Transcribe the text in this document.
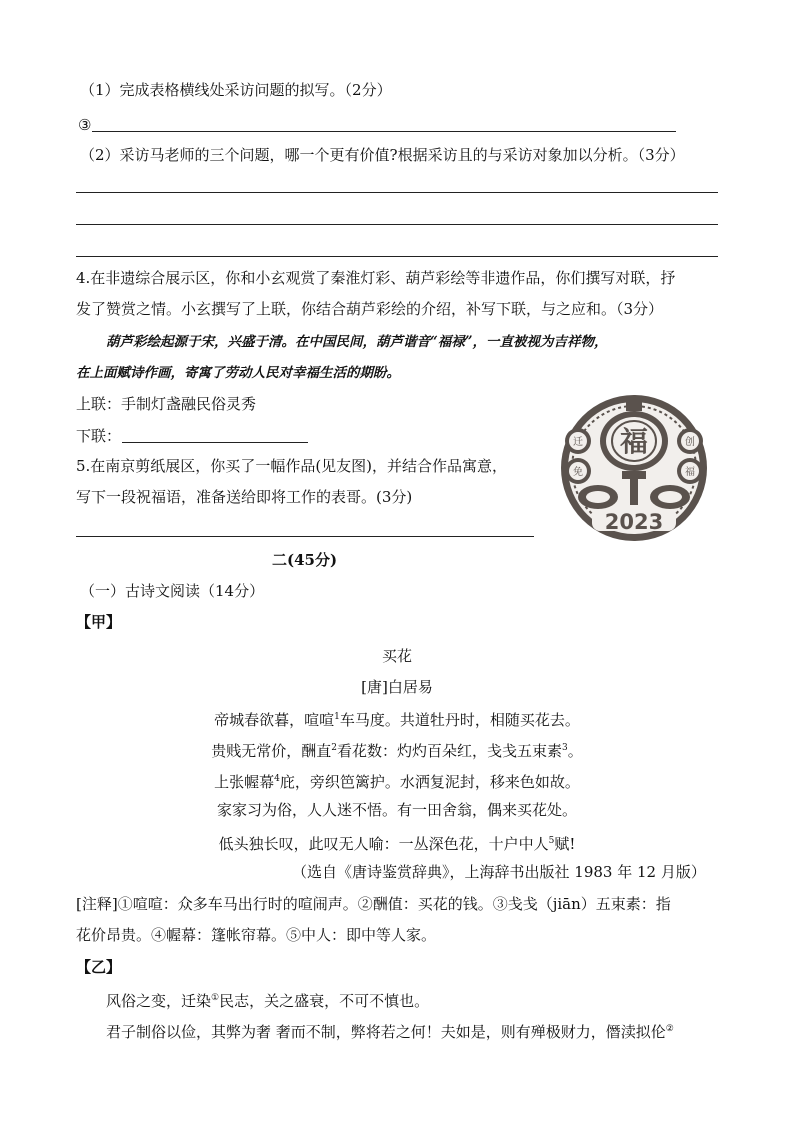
（1）完成表格横线处采访问题的拟写。（2分）
③
（2）采访马老师的三个问题，哪一个更有价值?根据采访且的与采访对象加以分析。（3分）
4.在非遗综合展示区，你和小玄观赏了秦淮灯彩、葫芦彩绘等非遗作品，你们撰写对联，抒
发了赞赏之情。小玄撰写了上联，你结合葫芦彩绘的介绍，补写下联，与之应和。（3分）
葫芦彩绘起源于宋，兴盛于清。在中国民间，葫芦谐音“福禄”，一直被视为吉祥物，
在上面赋诗作画，寄寓了劳动人民对幸福生活的期盼。
上联：手制灯盏融民俗灵秀
下联：
5.在南京剪纸展区，你买了一幅作品(见友图)，并结合作品寓意，
写下一段祝福语，准备送给即将工作的表哥。(3分)
福
迁	创
免	福
2023
二(45分)
（一）古诗文阅读（14分）
【甲】
买花
[唐]白居易
帝城春欲暮，喧喧$^1$车马度。共道牡丹时，相随买花去。
贵贱无常价，酬直$^2$看花数：灼灼百朵红，戋戋五束素$^3$。
上张幄幕$^4$庇，旁织笆篱护。水洒复泥封，移来色如故。
家家习为俗，人人迷不悟。有一田舍翁，偶来买花处。
低头独长叹，此叹无人喻：一丛深色花，十户中人$^5$赋!
（选自《唐诗鉴赏辞典》，上海辞书出版社 1983 年 12 月版）
[注释]①喧喧：众多车马出行时的喧闹声。②酬值：买花的钱。③戋戋（jiān）五束素：指
花价昂贵。④幄幕：篷帐帘幕。⑤中人：即中等人家。
【乙】
风俗之变，迁染①民志，关之盛衰，不可不慎也。
君子制俗以俭，其弊为奢 奢而不制，弊将若之何！夫如是，则有殚极财力，僭渎拟伦②
